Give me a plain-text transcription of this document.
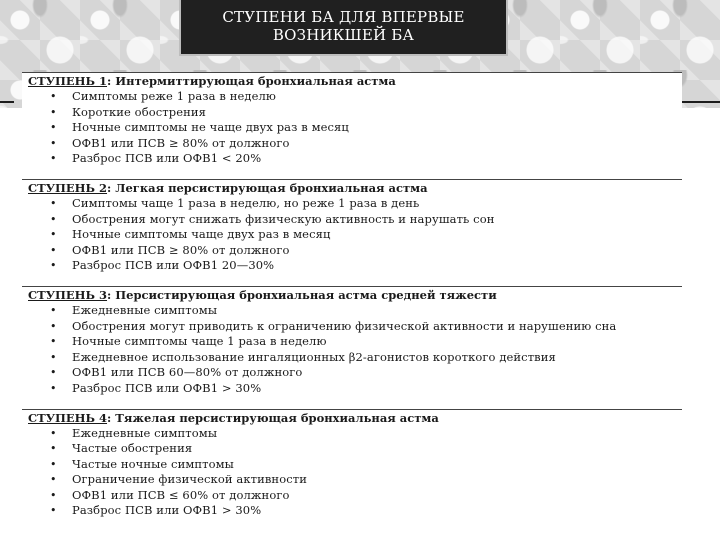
СТУПЕНИ БА ДЛЯ ВПЕРВЫЕ
ВОЗНИКШЕЙ БА
СТУПЕНЬ 1: Интермиттирующая бронхиальная астма
• Симптомы реже 1 раза в неделю
• Короткие обострения
• Ночные симптомы не чаще двух раз в месяц
• ОФВ1 или ПСВ ≥ 80% от должного
• Разброс ПСВ или ОФВ1 < 20%
СТУПЕНЬ 2: Легкая персистирующая бронхиальная астма
• Симптомы чаще 1 раза в неделю, но реже 1 раза в день
• Обострения могут снижать физическую активность и нарушать сон
• Ночные симптомы чаще двух раз в месяц
• ОФВ1 или ПСВ ≥ 80% от должного
• Разброс ПСВ или ОФВ1 20—30%
СТУПЕНЬ 3: Персистирующая бронхиальная астма средней тяжести
• Ежедневные симптомы
• Обострения могут приводить к ограничению физической активности и нарушению сна
• Ночные симптомы чаще 1 раза в неделю
• Ежедневное использование ингаляционных β2-агонистов короткого действия
• ОФВ1 или ПСВ 60—80% от должного
• Разброс ПСВ или ОФВ1 > 30%
СТУПЕНЬ 4: Тяжелая персистирующая бронхиальная астма
• Ежедневные симптомы
• Частые обострения
• Частые ночные симптомы
• Ограничение физической активности
• ОФВ1 или ПСВ ≤ 60% от должного
• Разброс ПСВ или ОФВ1 > 30%
